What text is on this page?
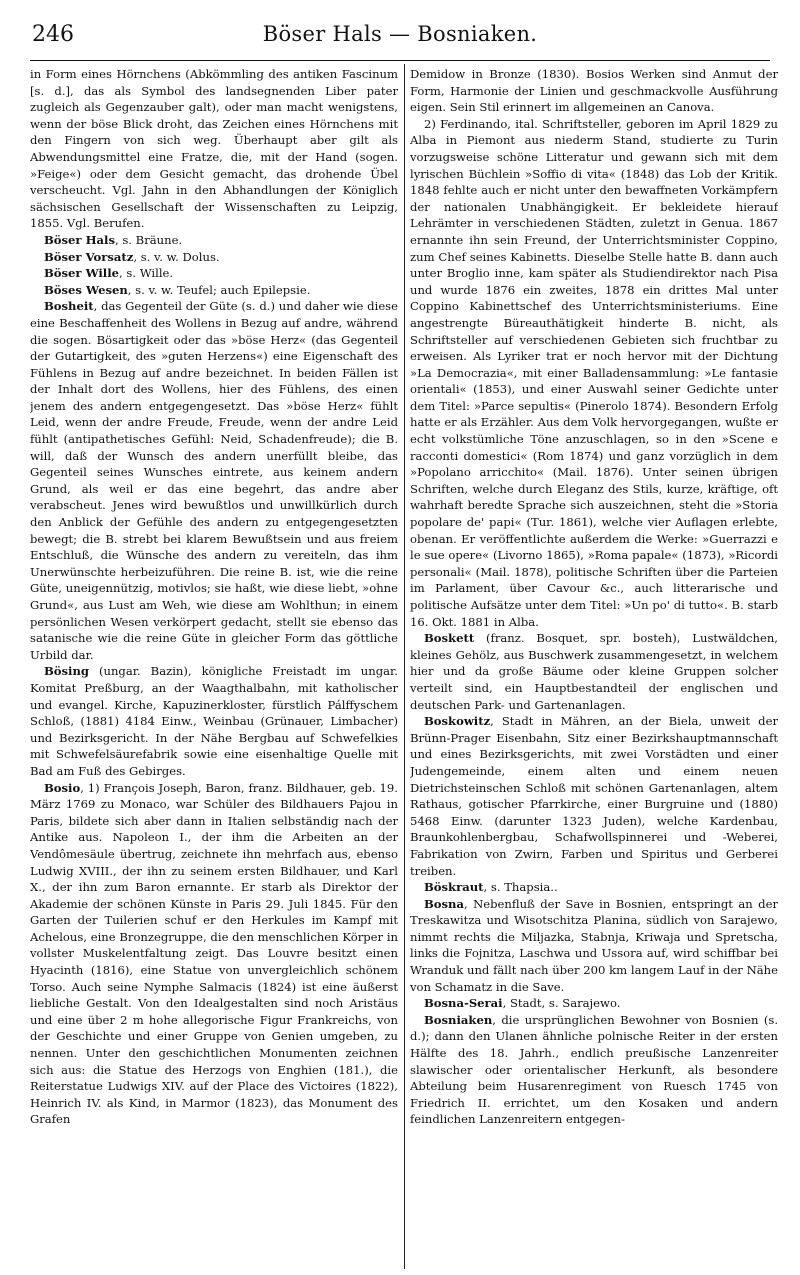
246	Böser Hals — Bosniaken.

in Form eines Hörnchens (Abkömmling des antiken Fascinum [s. d.], das als Symbol des landsegnenden Liber pater zugleich als Gegenzauber galt), oder man macht wenigstens, wenn der böse Blick droht, das Zeichen eines Hörnchens mit den Fingern von sich weg. Überhaupt aber gilt als Abwendungsmittel eine Fratze, die, mit der Hand (sogen. »Feige«) oder dem Gesicht gemacht, das drohende Übel verscheucht. Vgl. Jahn in den Abhandlungen der Königlich sächsischen Gesellschaft der Wissenschaften zu Leipzig, 1855. Vgl. Berufen.

Böser Hals, s. Bräune.

Böser Vorsatz, s. v. w. Dolus.

Böser Wille, s. Wille.

Böses Wesen, s. v. w. Teufel; auch Epilepsie.

Bosheit, das Gegenteil der Güte (s. d.) und daher wie diese eine Beschaffenheit des Wollens in Bezug auf andre, während die sogen. Bösartigkeit oder das »böse Herz« (das Gegenteil der Gutartigkeit, des »guten Herzens«) eine Eigenschaft des Fühlens in Bezug auf andre bezeichnet. In beiden Fällen ist der Inhalt dort des Wollens, hier des Fühlens, des einen jenem des andern entgegengesetzt. Das »böse Herz« fühlt Leid, wenn der andre Freude, Freude, wenn der andre Leid fühlt (antipathetisches Gefühl: Neid, Schadenfreude); die B. will, daß der Wunsch des andern unerfüllt bleibe, das Gegenteil seines Wunsches eintrete, aus keinem andern Grund, als weil er das eine begehrt, das andre aber verabscheut. Jenes wird bewußtlos und unwillkürlich durch den Anblick der Gefühle des andern zu entgegengesetzten bewegt; die B. strebt bei klarem Bewußtsein und aus freiem Entschluß, die Wünsche des andern zu vereiteln, das ihm Unerwünschte herbeizuführen. Die reine B. ist, wie die reine Güte, uneigennützig, motivlos; sie haßt, wie diese liebt, »ohne Grund«, aus Lust am Weh, wie diese am Wohlthun; in einem persönlichen Wesen verkörpert gedacht, stellt sie ebenso das satanische wie die reine Güte in gleicher Form das göttliche Urbild dar.

Bösing (ungar. Bazin), königliche Freistadt im ungar. Komitat Preßburg, an der Waagthalbahn, mit katholischer und evangel. Kirche, Kapuzinerkloster, fürstlich Pálffyschem Schloß, (1881) 4184 Einw., Weinbau (Grünauer, Limbacher) und Bezirksgericht. In der Nähe Bergbau auf Schwefelkies mit Schwefelsäurefabrik sowie eine eisenhaltige Quelle mit Bad am Fuß des Gebirges.

Bosio, 1) François Joseph, Baron, franz. Bildhauer, geb. 19. März 1769 zu Monaco, war Schüler des Bildhauers Pajou in Paris, bildete sich aber dann in Italien selbständig nach der Antike aus. Napoleon I., der ihm die Arbeiten an der Vendômesäule übertrug, zeichnete ihn mehrfach aus, ebenso Ludwig XVIII., der ihn zu seinem ersten Bildhauer, und Karl X., der ihn zum Baron ernannte. Er starb als Direktor der Akademie der schönen Künste in Paris 29. Juli 1845. Für den Garten der Tuilerien schuf er den Herkules im Kampf mit Achelous, eine Bronzegruppe, die den menschlichen Körper in vollster Muskelentfaltung zeigt. Das Louvre besitzt einen Hyacinth (1816), eine Statue von unvergleichlich schönem Torso. Auch seine Nymphe Salmacis (1824) ist eine äußerst liebliche Gestalt. Von den Idealgestalten sind noch Aristäus und eine über 2 m hohe allegorische Figur Frankreichs, von der Geschichte und einer Gruppe von Genien umgeben, zu nennen. Unter den geschichtlichen Monumenten zeichnen sich aus: die Statue des Herzogs von Enghien (181.), die Reiterstatue Ludwigs XIV. auf der Place des Victoires (1822), Heinrich IV. als Kind, in Marmor (1823), das Monument des Grafen

Demidow in Bronze (1830). Bosios Werken sind Anmut der Form, Harmonie der Linien und geschmackvolle Ausführung eigen. Sein Stil erinnert im allgemeinen an Canova.

2) Ferdinando, ital. Schriftsteller, geboren im April 1829 zu Alba in Piemont aus niederm Stand, studierte zu Turin vorzugsweise schöne Litteratur und gewann sich mit dem lyrischen Büchlein »Soffio di vita« (1848) das Lob der Kritik. 1848 fehlte auch er nicht unter den bewaffneten Vorkämpfern der nationalen Unabhängigkeit. Er bekleidete hierauf Lehrämter in verschiedenen Städten, zuletzt in Genua. 1867 ernannte ihn sein Freund, der Unterrichtsminister Coppino, zum Chef seines Kabinetts. Dieselbe Stelle hatte B. dann auch unter Broglio inne, kam später als Studiendirektor nach Pisa und wurde 1876 ein zweites, 1878 ein drittes Mal unter Coppino Kabinettschef des Unterrichtsministeriums. Eine angestrengte Büreauthätigkeit hinderte B. nicht, als Schriftsteller auf verschiedenen Gebieten sich fruchtbar zu erweisen. Als Lyriker trat er noch hervor mit der Dichtung »La Democrazia«, mit einer Balladensammlung: »Le fantasie orientali« (1853), und einer Auswahl seiner Gedichte unter dem Titel: »Parce sepultis« (Pinerolo 1874). Besondern Erfolg hatte er als Erzähler. Aus dem Volk hervorgegangen, wußte er echt volkstümliche Töne anzuschlagen, so in den »Scene e racconti domestici« (Rom 1874) und ganz vorzüglich in dem »Popolano arricchito« (Mail. 1876). Unter seinen übrigen Schriften, welche durch Eleganz des Stils, kurze, kräftige, oft wahrhaft beredte Sprache sich auszeichnen, steht die »Storia popolare de' papi« (Tur. 1861), welche vier Auflagen erlebte, obenan. Er veröffentlichte außerdem die Werke: »Guerrazzi e le sue opere« (Livorno 1865), »Roma papale« (1873), »Ricordi personali« (Mail. 1878), politische Schriften über die Parteien im Parlament, über Cavour &c., auch litterarische und politische Aufsätze unter dem Titel: »Un po' di tutto«. B. starb 16. Okt. 1881 in Alba.

Boskett (franz. Bosquet, spr. bosteh), Lustwäldchen, kleines Gehölz, aus Buschwerk zusammengesetzt, in welchem hier und da große Bäume oder kleine Gruppen solcher verteilt sind, ein Hauptbestandteil der englischen und deutschen Park- und Gartenanlagen.

Boskowitz, Stadt in Mähren, an der Biela, unweit der Brünn-Prager Eisenbahn, Sitz einer Bezirkshauptmannschaft und eines Bezirksgerichts, mit zwei Vorstädten und einer Judengemeinde, einem alten und einem neuen Dietrichsteinschen Schloß mit schönen Gartenanlagen, altem Rathaus, gotischer Pfarrkirche, einer Burgruine und (1880) 5468 Einw. (darunter 1323 Juden), welche Kardenbau, Braunkohlenbergbau, Schafwollspinnerei und -Weberei, Fabrikation von Zwirn, Farben und Spiritus und Gerberei treiben.

Böskraut, s. Thapsia..

Bosna, Nebenfluß der Save in Bosnien, entspringt an der Treskawitza und Wisotschitza Planina, südlich von Sarajewo, nimmt rechts die Miljazka, Stabnja, Kriwaja und Spretscha, links die Fojnitza, Laschwa und Ussora auf, wird schiffbar bei Wranduk und fällt nach über 200 km langem Lauf in der Nähe von Schamatz in die Save.

Bosna-Serai, Stadt, s. Sarajewo.

Bosniaken, die ursprünglichen Bewohner von Bosnien (s. d.); dann den Ulanen ähnliche polnische Reiter in der ersten Hälfte des 18. Jahrh., endlich preußische Lanzenreiter slawischer oder orientalischer Herkunft, als besondere Abteilung beim Husarenregiment von Ruesch 1745 von Friedrich II. errichtet, um den Kosaken und andern feindlichen Lanzenreitern entgegen-
